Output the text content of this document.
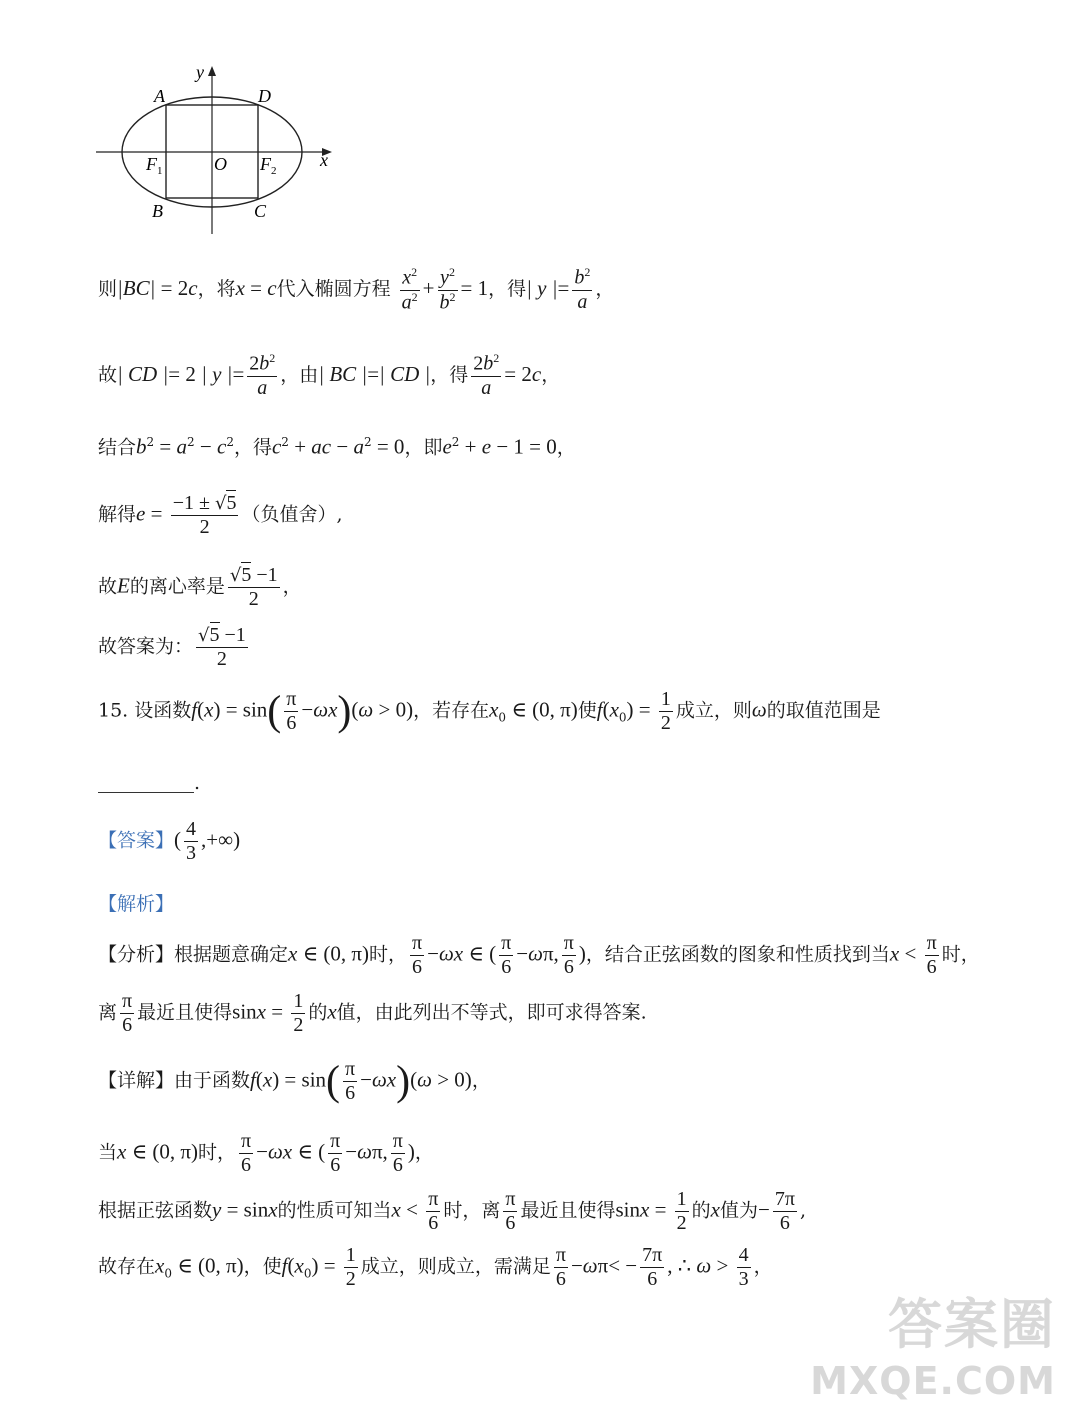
y
x
A	D
B	C
O
$F_1$	$F_2$
则|BC| = 2c，将x = c代入椭圆方程 $\frac{x^2}{a^2} + \frac{y^2}{b^2} = 1$，得| y |= $\frac{b^2}{a}$ ，
故| CD |= 2 | y |= $\frac{2b^2}{a}$ ，由| BC |=| CD |，得 $\frac{2b^2}{a} = 2c$，
结合$b^2 = a^2 - c^2$，得$c^2$ + ac − $a^2 = 0$，即$e^2 + e - 1 = 0$，
解得$e = \frac{-1 \pm √5}{2}$ （负值舍）,
故E的离心率是 $\frac{√5 -1}{2}$ ，
故答案为： $\frac{√5 -1}{2}$
15. 设函数$f(x) = \sin( \frac{\pi}{6} -\omega x)(\omega > 0)$，若存在$x_0$ ∈ (0, π)使$f(x_0) = \frac{1}{2}$ 成立，则ω的取值范围是
.
【答案】( $\frac{4}{3}$ ,+∞)
【解析】
【分析】根据题意确定x ∈ (0, π)时， $\frac{\pi}{6} -\omega x$ ∈ ( $\frac{\pi}{6} -\omega\pi$, $\frac{\pi}{6}$ )，结合正弦函数的图象和性质找到当$x < \frac{\pi}{6}$ 时，
离 $\frac{\pi}{6}$ 最近且使得$\sin x = \frac{1}{2}$ 的x值，由此列出不等式，即可求得答案.
【详解】由于函数$f(x) = \sin( \frac{\pi}{6} -\omega x)(\omega > 0)$，
当x ∈ (0, π)时， $\frac{\pi}{6} -\omega x$ ∈ ( $\frac{\pi}{6} -\omega\pi$, $\frac{\pi}{6}$ )，
根据正弦函数y = sinx的性质可知当$x < \frac{\pi}{6}$ 时，离 $\frac{\pi}{6}$ 最近且使得$\sin x = \frac{1}{2}$ 的x值为− $\frac{7\pi}{6}$ ,
故存在$x_0$ ∈ (0, π)，使$f(x_0) = \frac{1}{2}$ 成立，则成立，需满足 $\frac{\pi}{6} -\omega\pi< - \frac{7\pi}{6}$ , ∴ $\omega > \frac{4}{3}$ ，
答案圈
MXQE.COM
